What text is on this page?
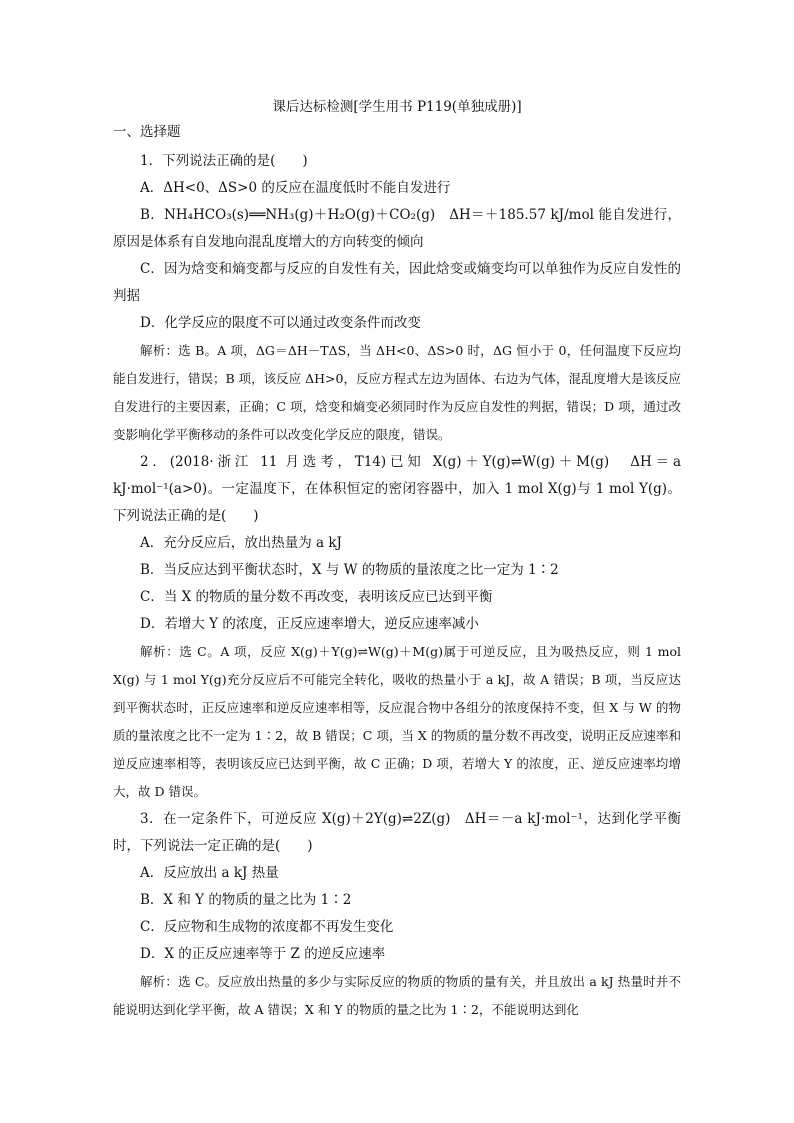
课后达标检测[学生用书 P119(单独成册)]
一、选择题

1．下列说法正确的是(　　)

A．ΔH<0、ΔS>0 的反应在温度低时不能自发进行

B．NH₄HCO₃(s)══NH₃(g)＋H₂O(g)＋CO₂(g)　ΔH＝＋185.57 kJ/mol 能自发进行，原因是体系有自发地向混乱度增大的方向转变的倾向

C．因为焓变和熵变都与反应的自发性有关，因此焓变或熵变均可以单独作为反应自发性的判据

D．化学反应的限度不可以通过改变条件而改变

解析：选 B。A 项，ΔG＝ΔH－TΔS，当 ΔH<0、ΔS>0 时，ΔG 恒小于 0，任何温度下反应均能自发进行，错误；B 项，该反应 ΔH>0，反应方程式左边为固体、右边为气体，混乱度增大是该反应自发进行的主要因素，正确；C 项，焓变和熵变必须同时作为反应自发性的判据，错误；D 项，通过改变影响化学平衡移动的条件可以改变化学反应的限度，错误。

2．(2018·浙江 11 月选考，T14)已知 X(g)＋Y(g)⇌W(g)＋M(g)　ΔH＝a kJ·mol⁻¹(a>0)。一定温度下，在体积恒定的密闭容器中，加入 1 mol X(g)与 1 mol Y(g)。下列说法正确的是(　　)

A．充分反应后，放出热量为 a kJ

B．当反应达到平衡状态时，X 与 W 的物质的量浓度之比一定为 1∶2

C．当 X 的物质的量分数不再改变，表明该反应已达到平衡

D．若增大 Y 的浓度，正反应速率增大，逆反应速率减小

解析：选 C。A 项，反应 X(g)＋Y(g)⇌W(g)＋M(g)属于可逆反应，且为吸热反应，则 1 mol X(g) 与 1 mol Y(g)充分反应后不可能完全转化，吸收的热量小于 a kJ，故 A 错误；B 项，当反应达到平衡状态时，正反应速率和逆反应速率相等，反应混合物中各组分的浓度保持不变，但 X 与 W 的物质的量浓度之比不一定为 1∶2，故 B 错误；C 项，当 X 的物质的量分数不再改变，说明正反应速率和逆反应速率相等，表明该反应已达到平衡，故 C 正确；D 项，若增大 Y 的浓度，正、逆反应速率均增大，故 D 错误。

3．在一定条件下，可逆反应 X(g)＋2Y(g)⇌2Z(g)　ΔH＝－a kJ·mol⁻¹，达到化学平衡时，下列说法一定正确的是(　　)

A．反应放出 a kJ 热量

B．X 和 Y 的物质的量之比为 1∶2

C．反应物和生成物的浓度都不再发生变化

D．X 的正反应速率等于 Z 的逆反应速率

解析：选 C。反应放出热量的多少与实际反应的物质的物质的量有关，并且放出 a kJ 热量时并不能说明达到化学平衡，故 A 错误；X 和 Y 的物质的量之比为 1∶2，不能说明达到化
